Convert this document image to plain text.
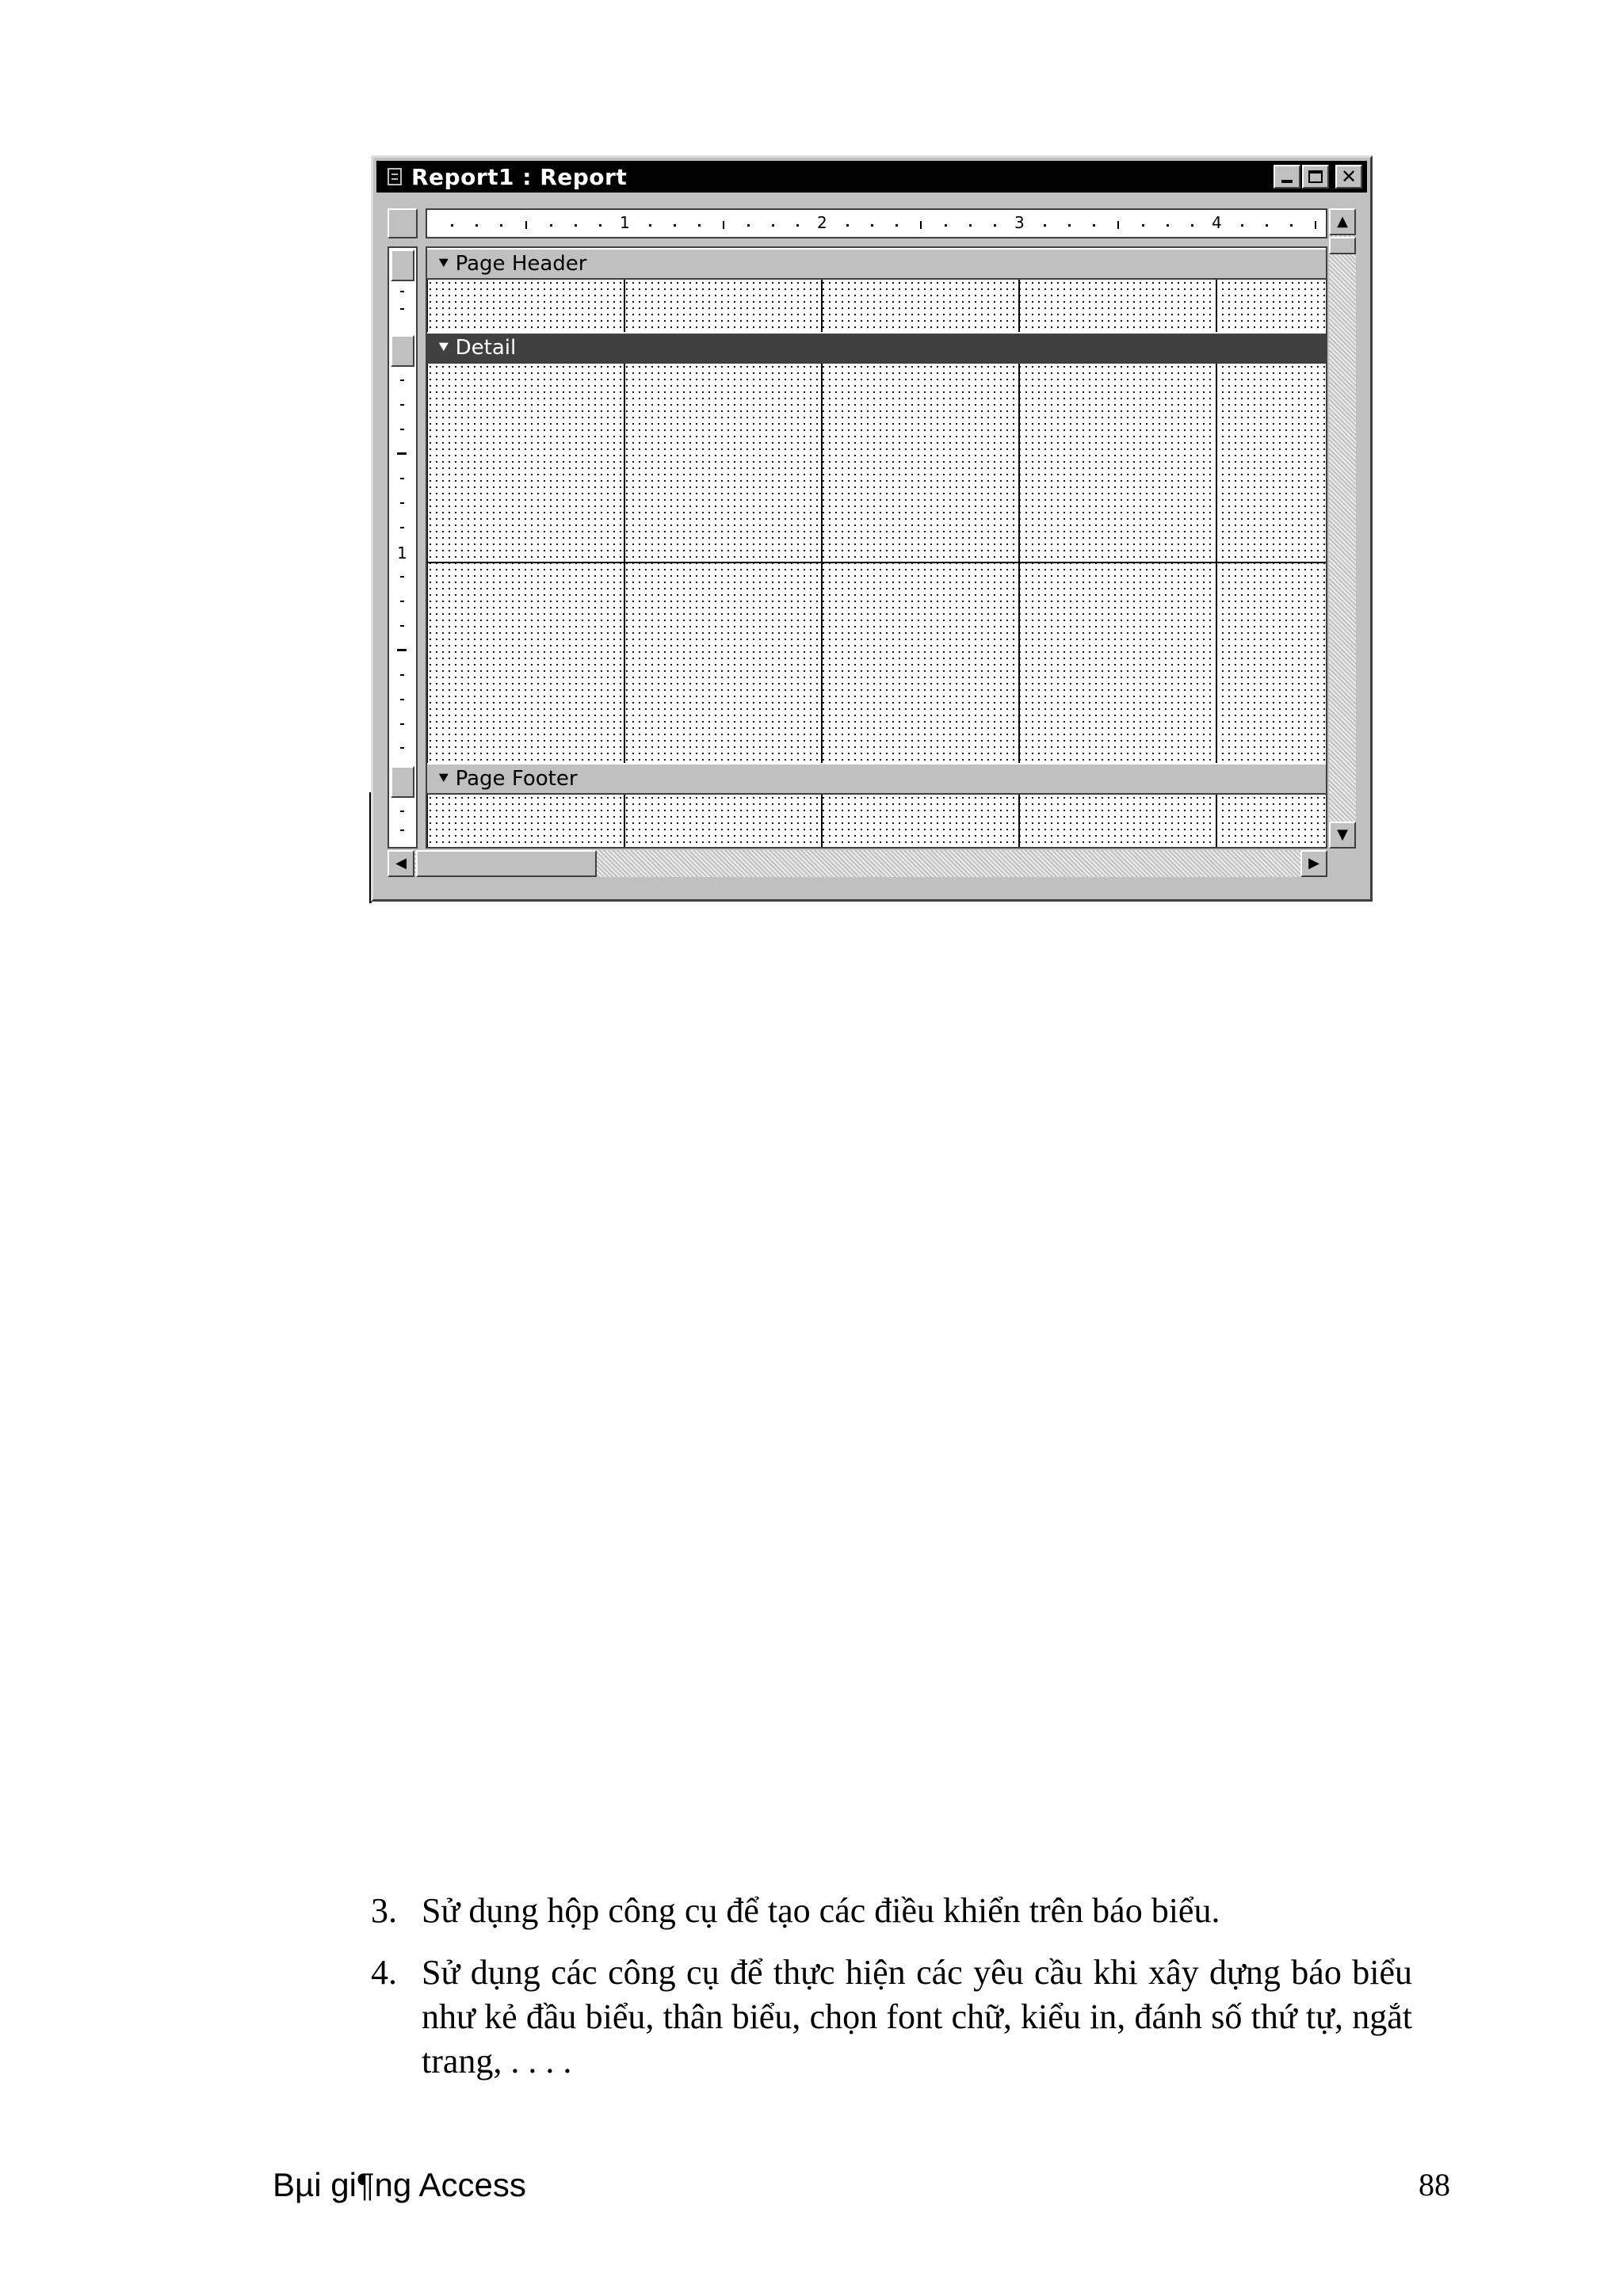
Report1 : Report	✕
1	2	3	4
1
⯆ Page Header
⯆ Detail
⯆ Page Footer
▲
▼
◀	▶
3. Sử dụng hộp công cụ để tạo các điều khiển trên báo biểu.
4. Sử dụng các công cụ để thực hiện các yêu cầu khi xây dựng báo biểu như kẻ đầu biểu, thân biểu, chọn font chữ, kiểu in, đánh số thứ tự, ngắt trang, . . . .
Bµi gi¶ng Access	88
